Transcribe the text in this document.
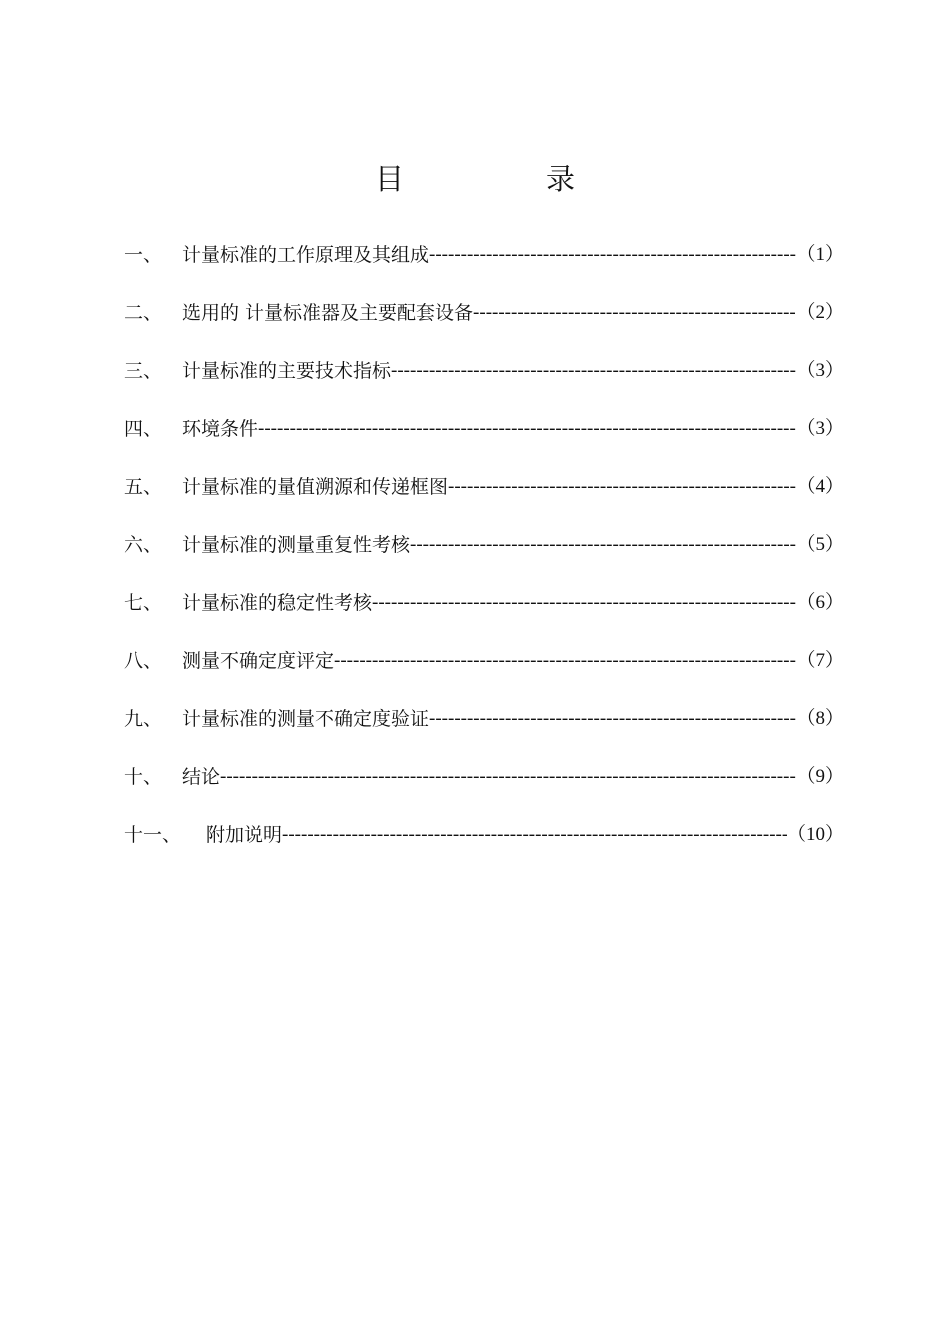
目	录
一、	计量标准的工作原理及其组成 -----	（1）
二、	选用的 计量标准器及主要配套设备 -----	（2）
三、	计量标准的主要技术指标 -----	（3）
四、	环境条件 -----	（3）
五、	计量标准的量值溯源和传递框图 -----	（4）
六、	计量标准的测量重复性考核 -----	（5）
七、	计量标准的稳定性考核 -----	（6）
八、	测量不确定度评定 -----	（7）
九、	计量标准的测量不确定度验证 -----	（8）
十、	结论 -----	（9）
十一、	附加说明 -----	（10）
